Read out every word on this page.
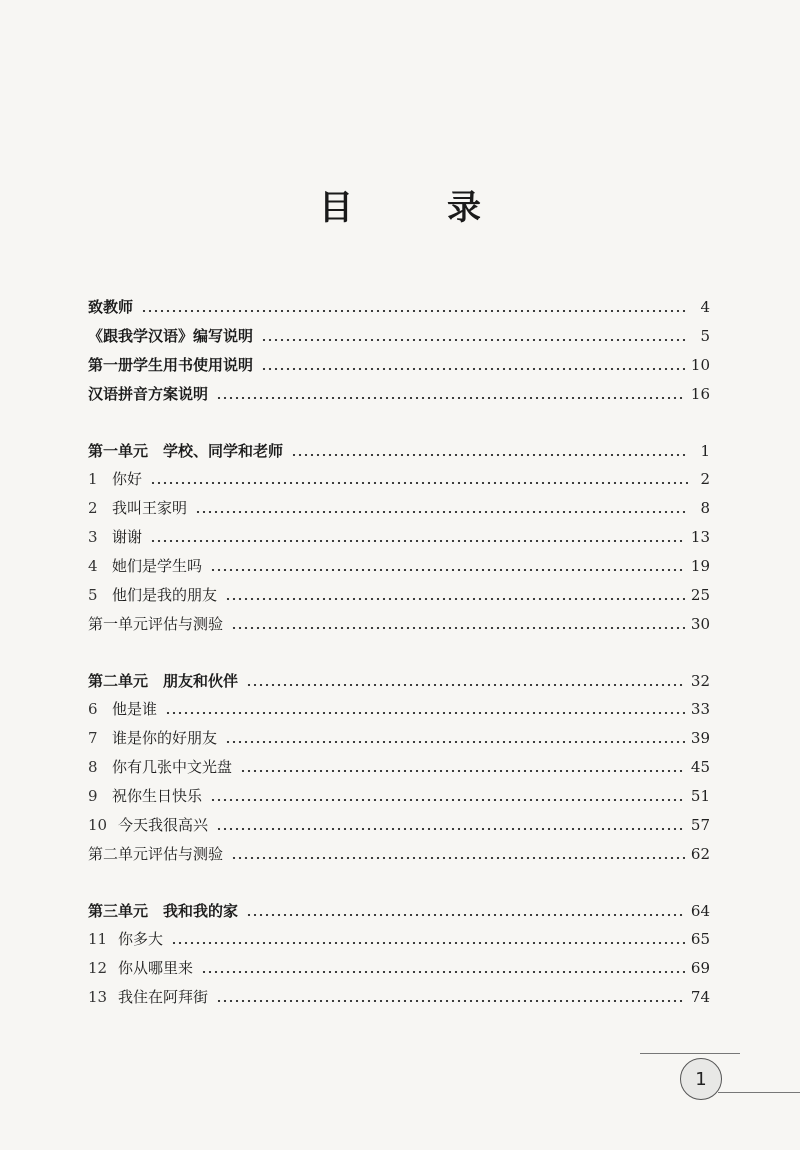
目　录
致教师	4
《跟我学汉语》编写说明	5
第一册学生用书使用说明	10
汉语拼音方案说明	16
第一单元　学校、同学和老师	1
1 你好	2
2 我叫王家明	8
3 谢谢	13
4 她们是学生吗	19
5 他们是我的朋友	25
第一单元评估与测验	30
第二单元　朋友和伙伴	32
6 他是谁	33
7 谁是你的好朋友	39
8 你有几张中文光盘	45
9 祝你生日快乐	51
10 今天我很高兴	57
第二单元评估与测验	62
第三单元　我和我的家	64
11 你多大	65
12 你从哪里来	69
13 我住在阿拜街	74
1
